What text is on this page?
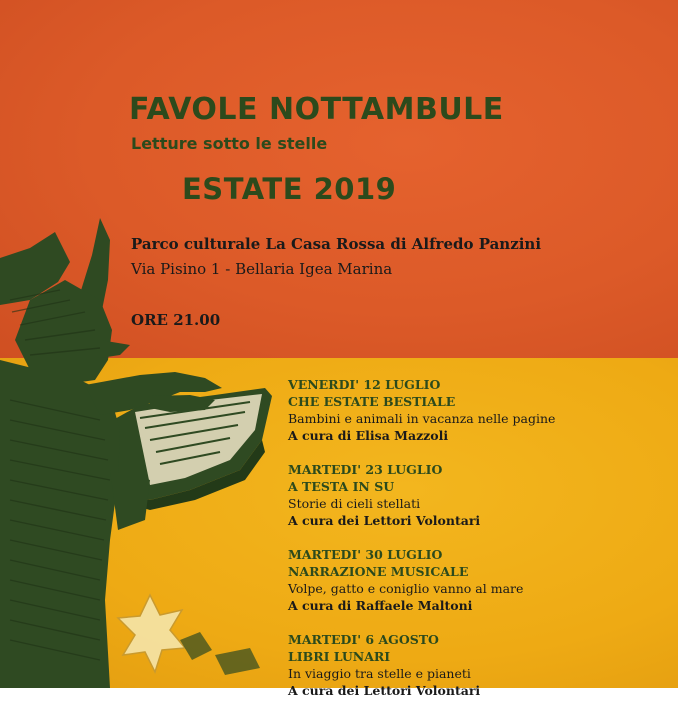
FAVOLE NOTTAMBULE
Letture sotto le stelle
ESTATE 2019
Parco culturale La Casa Rossa di Alfredo Panzini
Via Pisino 1 - Bellaria Igea Marina
ORE 21.00
VENERDI' 12 LUGLIO
CHE ESTATE BESTIALE
Bambini e animali in vacanza nelle pagine
A cura di Elisa Mazzoli
MARTEDI' 23 LUGLIO
A TESTA IN SU
Storie di cieli stellati
A cura dei Lettori Volontari
MARTEDI' 30 LUGLIO
NARRAZIONE MUSICALE
Volpe, gatto e coniglio vanno al mare
A cura di Raffaele Maltoni
MARTEDI' 6 AGOSTO
LIBRI LUNARI
In viaggio tra stelle e pianeti
A cura dei Lettori Volontari
